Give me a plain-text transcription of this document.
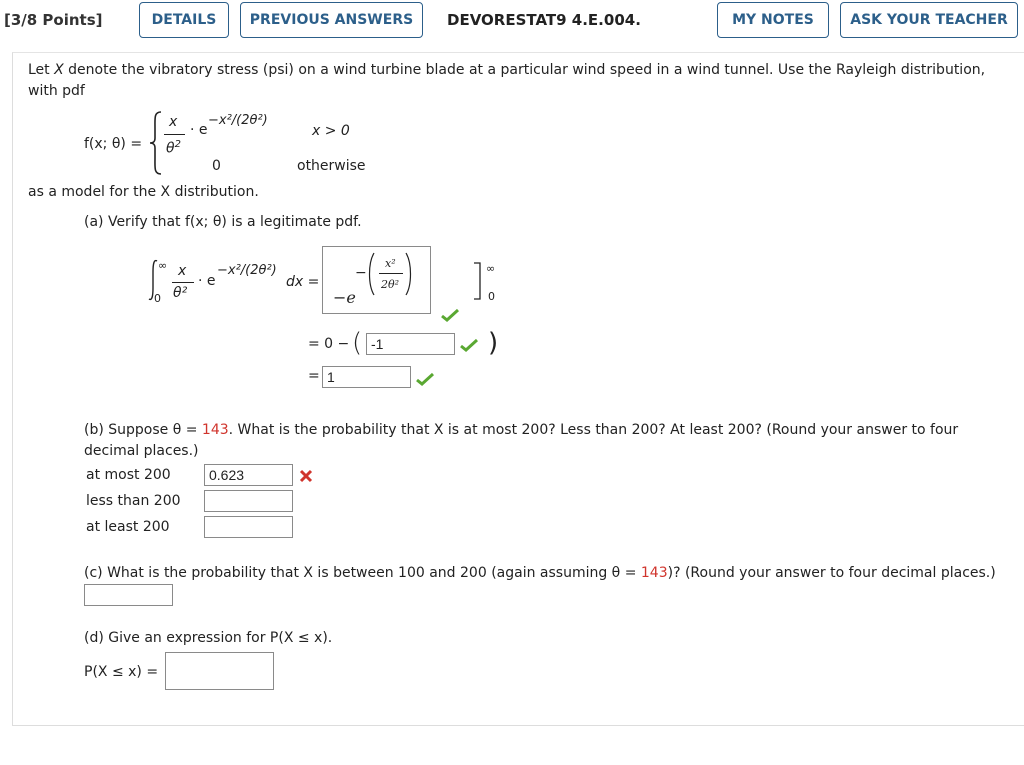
[3/8 Points]	DETAILS	PREVIOUS ANSWERS	DEVORESTAT9 4.E.004.	MY NOTES	ASK YOUR TEACHER
Let X denote the vibratory stress (psi) on a wind turbine blade at a particular wind speed in a wind tunnel. Use the Rayleigh distribution,
with pdf
f(x; θ) =
x
$\theta^2$
· e
−x²/(2θ²)
x > 0
0	otherwise
as a model for the X distribution.
(a) Verify that f(x; θ) is a legitimate pdf.
∞
0
x
θ²
· e
−x²/(2θ²)
dx =
−e
−
x²
2θ²
∞
0
= 0 − (
-1	)
=
1
(b) Suppose θ = 143. What is the probability that X is at most 200? Less than 200? At least 200? (Round your answer to four
decimal places.)
at most 200
0.623
less than 200
at least 200
(c) What is the probability that X is between 100 and 200 (again assuming θ = 143)? (Round your answer to four decimal places.)
(d) Give an expression for P(X ≤ x).
P(X ≤ x) =
